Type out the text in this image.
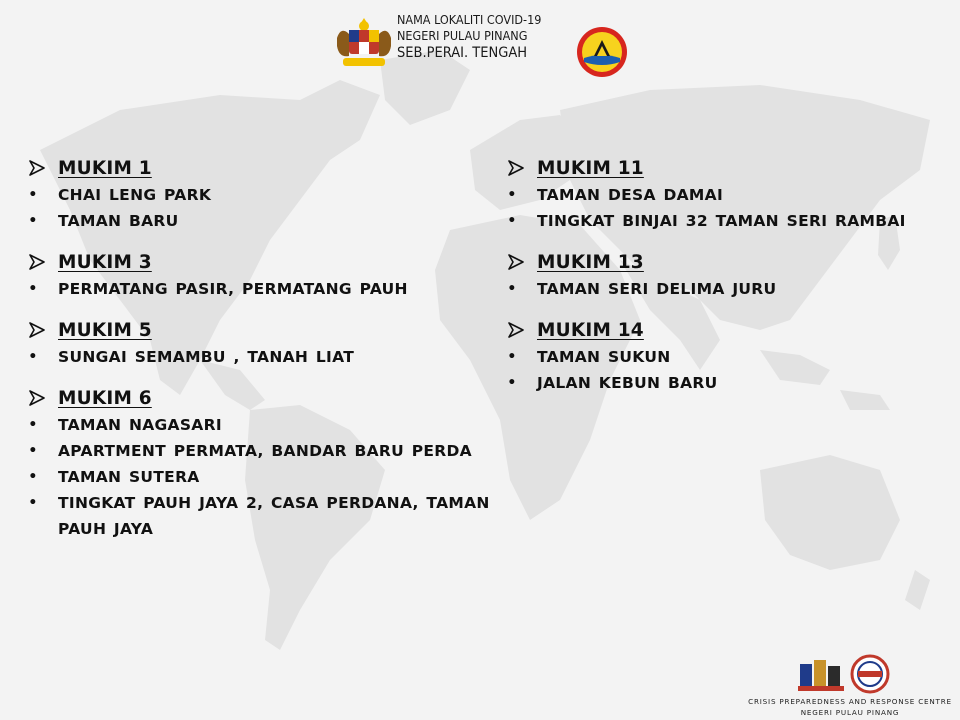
NAMA LOKALITI COVID-19
NEGERI PULAU PINANG
SEB.PERAI. TENGAH
MUKIM 1
• CHAI LENG PARK
• TAMAN BARU
MUKIM 3
• PERMATANG PASIR, PERMATANG PAUH
MUKIM 5
• SUNGAI SEMAMBU , TANAH LIAT
MUKIM 6
• TAMAN NAGASARI
• APARTMENT PERMATA, BANDAR BARU PERDA
• TAMAN SUTERA
• TINGKAT PAUH JAYA 2, CASA PERDANA, TAMAN PAUH JAYA
MUKIM 11
• TAMAN DESA DAMAI
• TINGKAT BINJAI 32 TAMAN SERI RAMBAI
MUKIM 13
• TAMAN SERI DELIMA JURU
MUKIM 14
• TAMAN SUKUN
• JALAN KEBUN BARU
CRISIS PREPAREDNESS AND RESPONSE CENTRE
NEGERI PULAU PINANG
